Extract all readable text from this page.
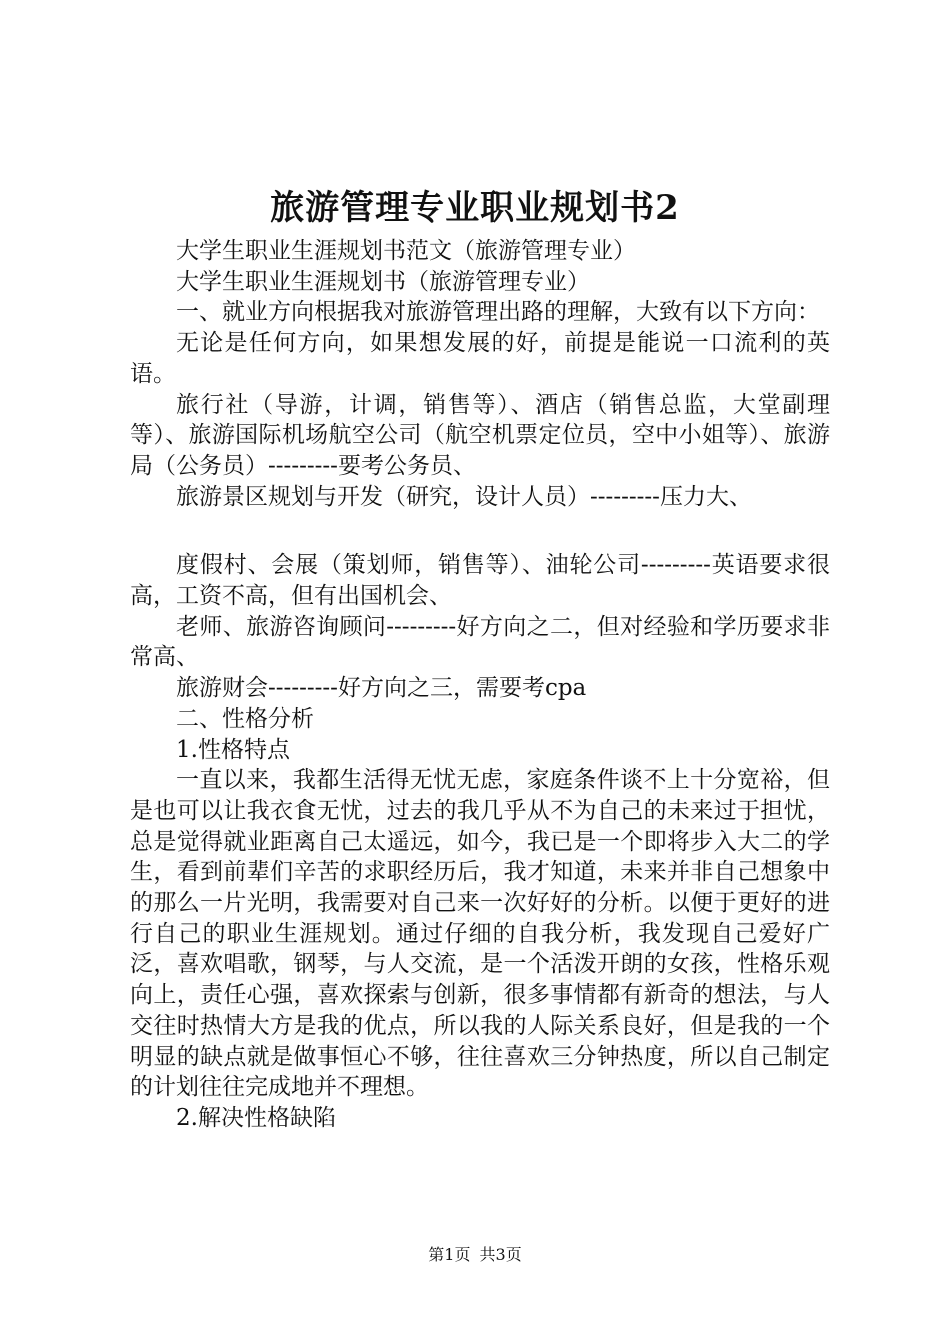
旅游管理专业职业规划书2

大学生职业生涯规划书范文（旅游管理专业）

大学生职业生涯规划书（旅游管理专业）

一、就业方向根据我对旅游管理出路的理解，大致有以下方向：

无论是任何方向，如果想发展的好，前提是能说一口流利的英语。

旅行社（导游，计调，销售等）、酒店（销售总监，大堂副理等）、旅游国际机场航空公司（航空机票定位员，空中小姐等）、旅游局（公务员）---------要考公务员、

旅游景区规划与开发（研究，设计人员）---------压力大、

度假村、会展（策划师，销售等）、油轮公司---------英语要求很高，工资不高，但有出国机会、

老师、旅游咨询顾问---------好方向之二，但对经验和学历要求非常高、

旅游财会---------好方向之三，需要考cpa

二、性格分析

1.性格特点

一直以来，我都生活得无忧无虑，家庭条件谈不上十分宽裕，但是也可以让我衣食无忧，过去的我几乎从不为自己的未来过于担忧，总是觉得就业距离自己太遥远，如今，我已是一个即将步入大二的学生，看到前辈们辛苦的求职经历后，我才知道，未来并非自己想象中的那么一片光明，我需要对自己来一次好好的分析。以便于更好的进行自己的职业生涯规划。通过仔细的自我分析，我发现自己爱好广泛，喜欢唱歌，钢琴，与人交流，是一个活泼开朗的女孩，性格乐观向上，责任心强，喜欢探索与创新，很多事情都有新奇的想法，与人交往时热情大方是我的优点，所以我的人际关系良好，但是我的一个明显的缺点就是做事恒心不够，往往喜欢三分钟热度，所以自己制定的计划往往完成地并不理想。

2.解决性格缺陷

第1页 共3页
